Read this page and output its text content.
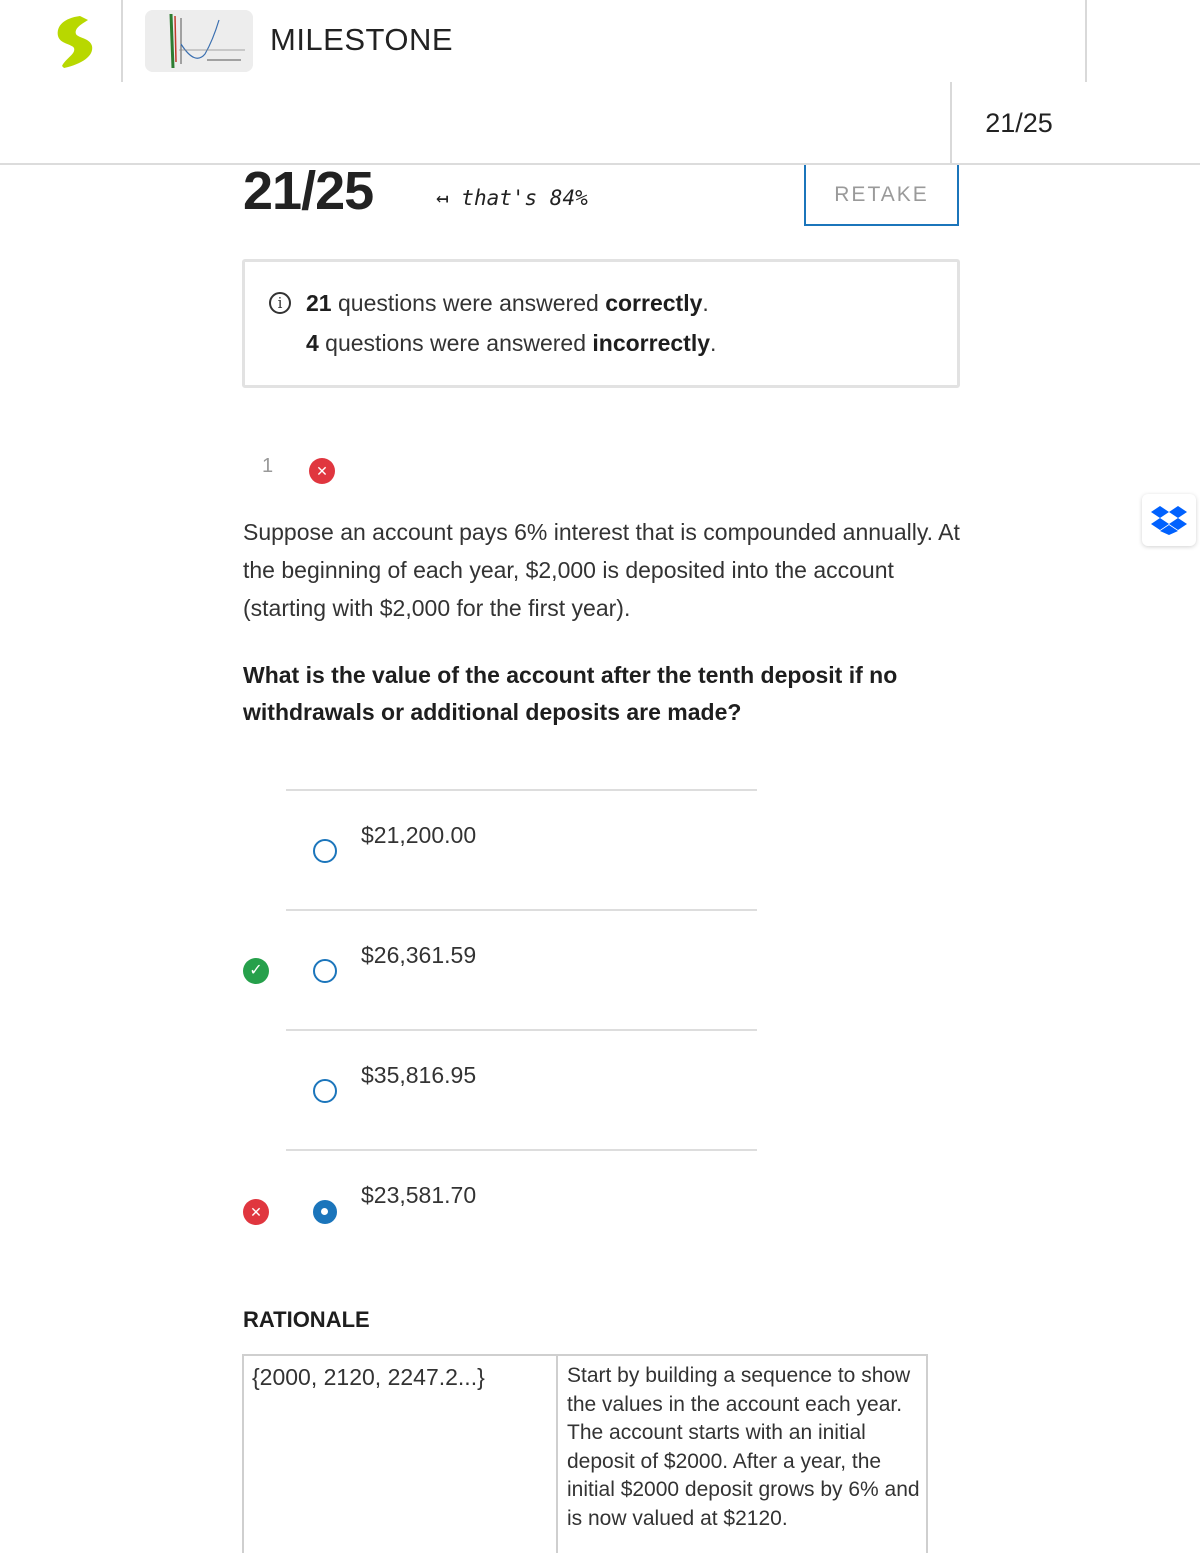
MILESTONE
21/25
21/25	↤ that's 84%	RETAKE
i	21 questions were answered correctly.
4 questions were answered incorrectly.
1	✕
Suppose an account pays 6% interest that is compounded annually. At the beginning of each year, $2,000 is deposited into the account (starting with $2,000 for the first year).
What is the value of the account after the tenth deposit if no withdrawals or additional deposits are made?
$21,200.00
✓
$26,361.59
$35,816.95
✕
$23,581.70
RATIONALE
{2000, 2120, 2247.2...}	Start by building a sequence to show the values in the account each year. The account starts with an initial deposit of $2000. After a year, the initial $2000 deposit grows by 6% and is now valued at $2120.
